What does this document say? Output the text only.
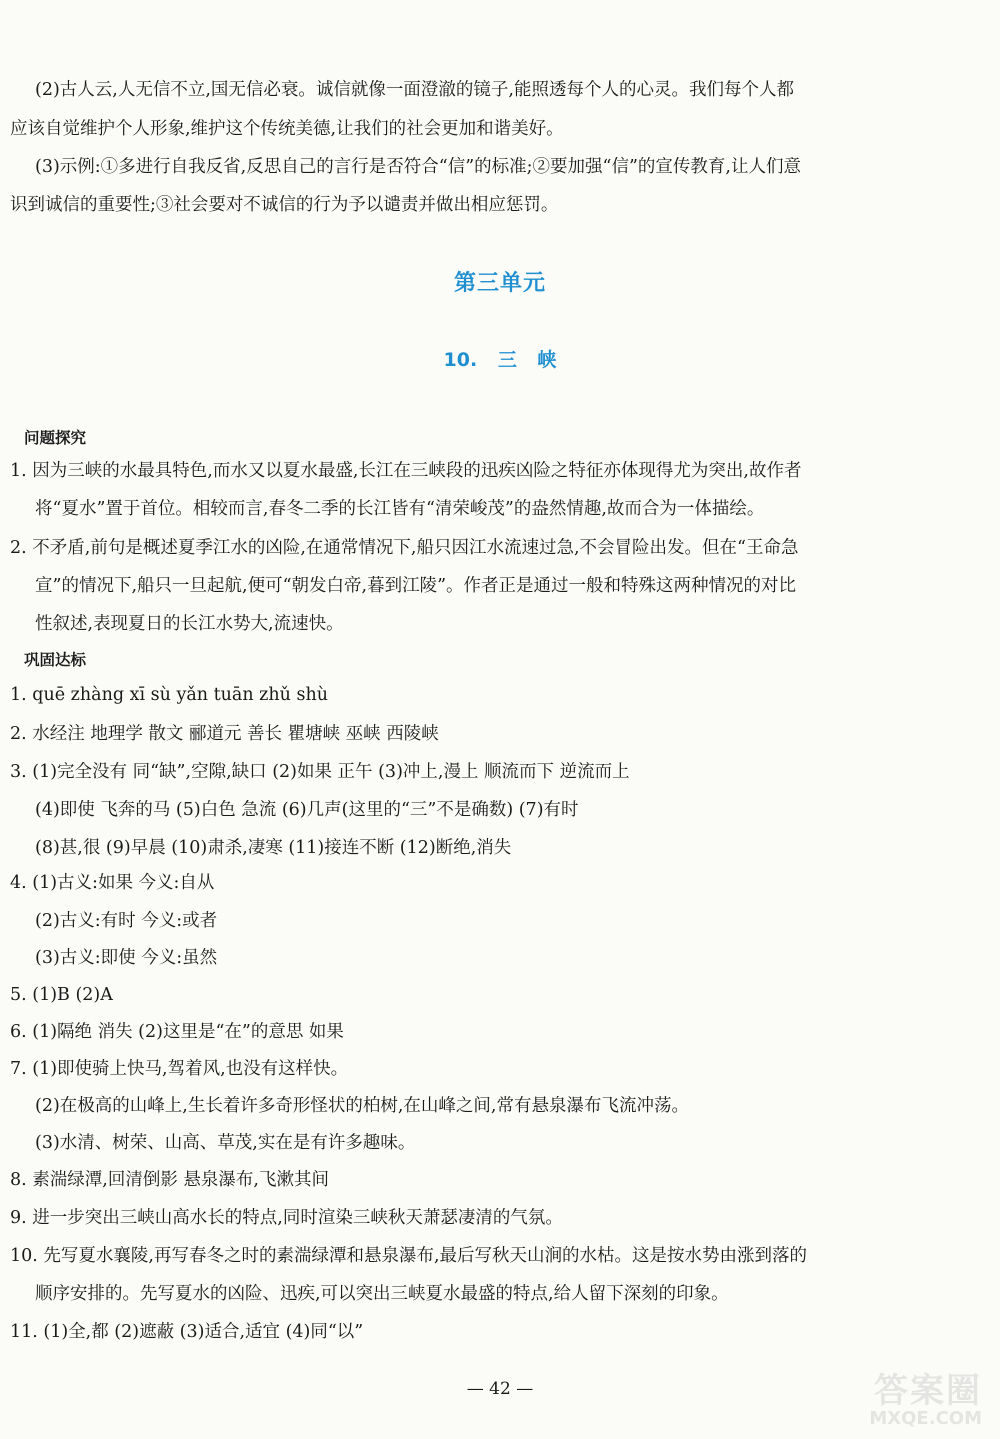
(2)古人云,人无信不立,国无信必衰。诚信就像一面澄澈的镜子,能照透每个人的心灵。我们每个人都
应该自觉维护个人形象,维护这个传统美德,让我们的社会更加和谐美好。
(3)示例:①多进行自我反省,反思自己的言行是否符合“信”的标准;②要加强“信”的宣传教育,让人们意
识到诚信的重要性;③社会要对不诚信的行为予以谴责并做出相应惩罚。
第三单元
10. 三 峡
问题探究
1. 因为三峡的水最具特色,而水又以夏水最盛,长江在三峡段的迅疾凶险之特征亦体现得尤为突出,故作者
将“夏水”置于首位。相较而言,春冬二季的长江皆有“清荣峻茂”的盎然情趣,故而合为一体描绘。
2. 不矛盾,前句是概述夏季江水的凶险,在通常情况下,船只因江水流速过急,不会冒险出发。但在“王命急
宣”的情况下,船只一旦起航,便可“朝发白帝,暮到江陵”。作者正是通过一般和特殊这两种情况的对比
性叙述,表现夏日的长江水势大,流速快。
巩固达标
1. quē zhàng xī sù yǎn tuān zhǔ shù
2. 水经注 地理学 散文 郦道元 善长 瞿塘峡 巫峡 西陵峡
3. (1)完全没有 同“缺”,空隙,缺口 (2)如果 正午 (3)冲上,漫上 顺流而下 逆流而上
(4)即使 飞奔的马 (5)白色 急流 (6)几声(这里的“三”不是确数) (7)有时
(8)甚,很 (9)早晨 (10)肃杀,凄寒 (11)接连不断 (12)断绝,消失
4. (1)古义:如果 今义:自从
(2)古义:有时 今义:或者
(3)古义:即使 今义:虽然
5. (1)B (2)A
6. (1)隔绝 消失 (2)这里是“在”的意思 如果
7. (1)即使骑上快马,驾着风,也没有这样快。
(2)在极高的山峰上,生长着许多奇形怪状的柏树,在山峰之间,常有悬泉瀑布飞流冲荡。
(3)水清、树荣、山高、草茂,实在是有许多趣味。
8. 素湍绿潭,回清倒影 悬泉瀑布,飞漱其间
9. 进一步突出三峡山高水长的特点,同时渲染三峡秋天萧瑟凄清的气氛。
10. 先写夏水襄陵,再写春冬之时的素湍绿潭和悬泉瀑布,最后写秋天山涧的水枯。这是按水势由涨到落的
顺序安排的。先写夏水的凶险、迅疾,可以突出三峡夏水最盛的特点,给人留下深刻的印象。
11. (1)全,都 (2)遮蔽 (3)适合,适宜 (4)同“以”
— 42 —	答案圈
MXQE.COM
